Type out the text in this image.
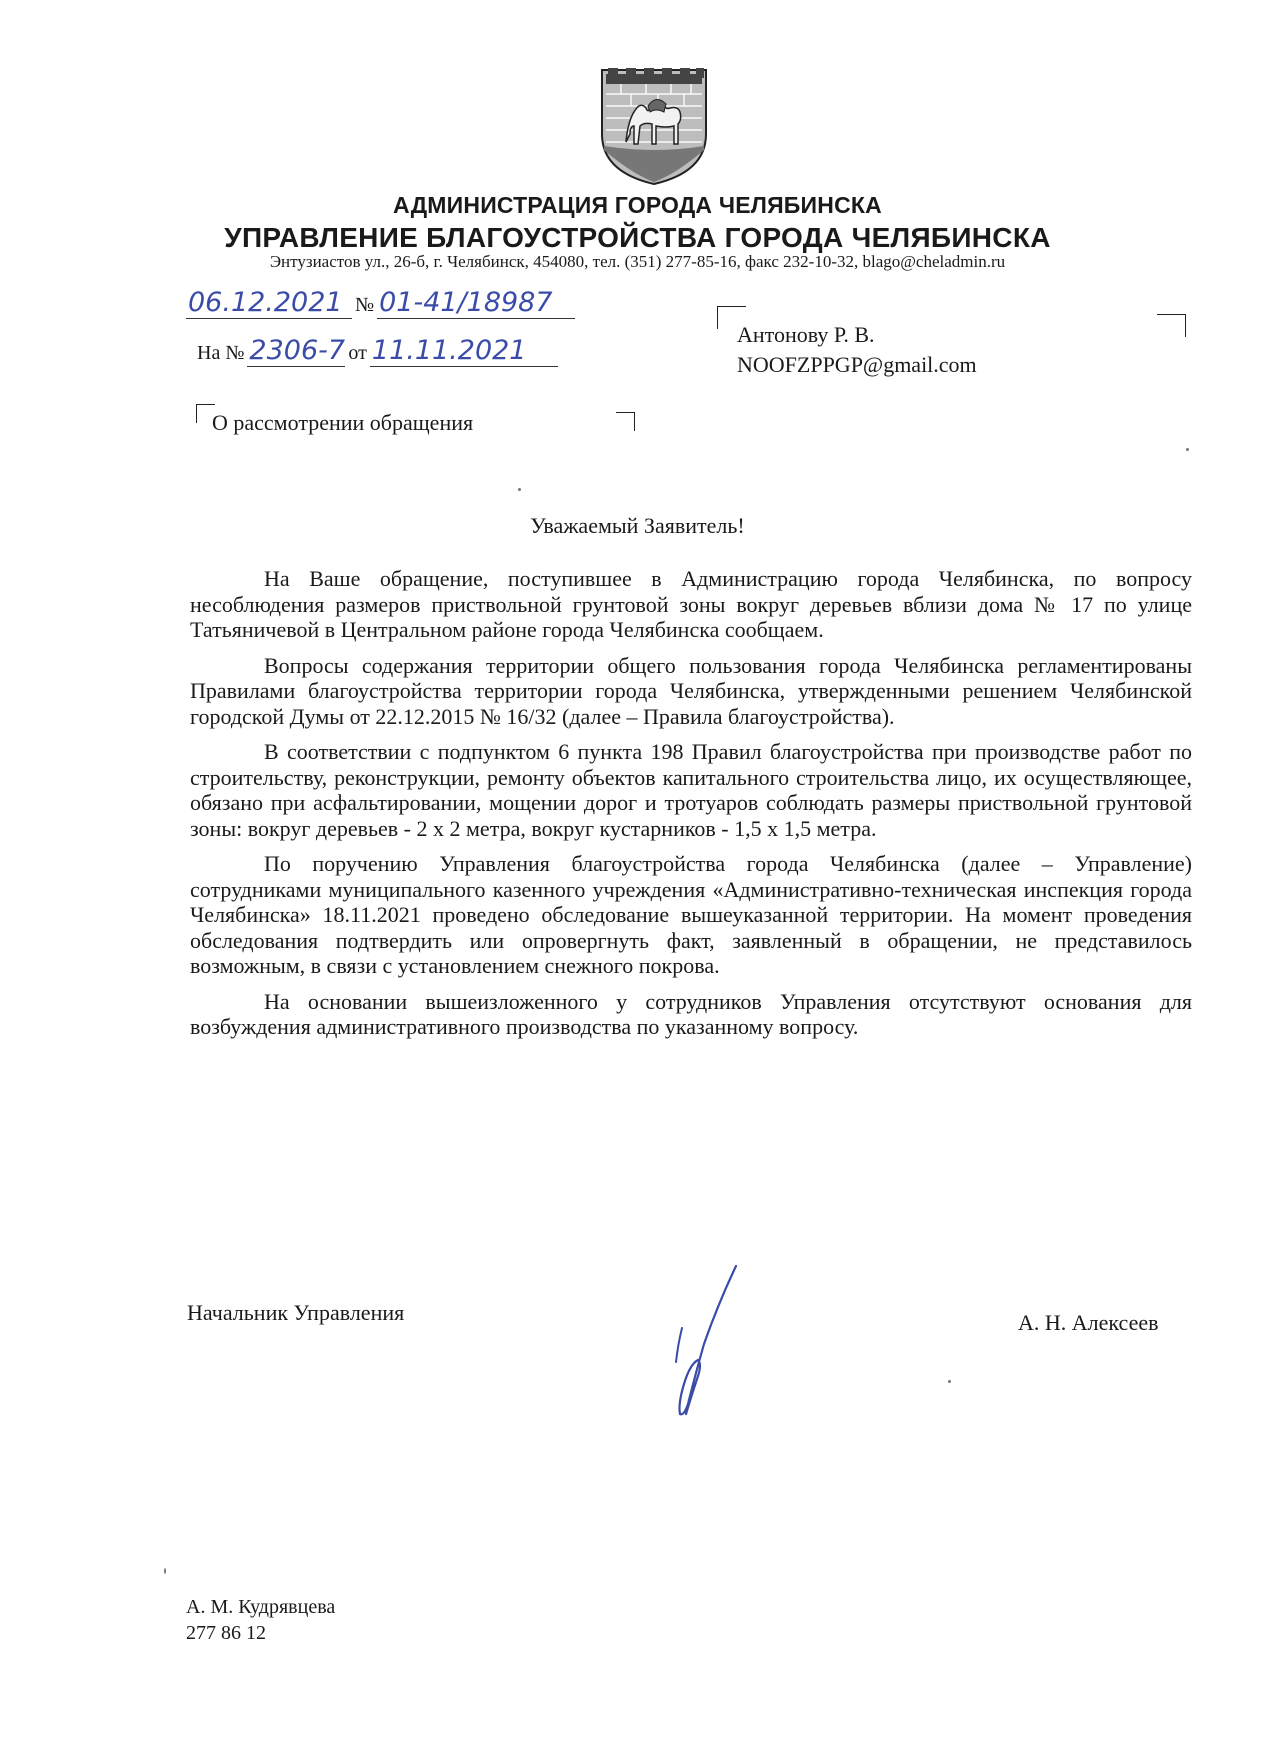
АДМИНИСТРАЦИЯ ГОРОДА ЧЕЛЯБИНСКА
УПРАВЛЕНИЕ БЛАГОУСТРОЙСТВА ГОРОДА ЧЕЛЯБИНСКА
Энтузиастов ул., 26-б, г. Челябинск, 454080, тел. (351) 277-85-16, факс 232-10-32, blago@cheladmin.ru
06.12.2021 № 01-41/18987
На № 2306-7 от 11.11.2021
Антонову Р. В.
NOOFZPPGP@gmail.com
О рассмотрении обращения
Уважаемый Заявитель!

На Ваше обращение, поступившее в Администрацию города Челябинска, по вопросу несоблюдения размеров приствольной грунтовой зоны вокруг деревьев вблизи дома № 17 по улице Татьяничевой в Центральном районе города Челябинска сообщаем.

Вопросы содержания территории общего пользования города Челябинска регламентированы Правилами благоустройства территории города Челябинска, утвержденными решением Челябинской городской Думы от 22.12.2015 № 16/32 (далее – Правила благоустройства).

В соответствии с подпунктом 6 пункта 198 Правил благоустройства при производстве работ по строительству, реконструкции, ремонту объектов капитального строительства лицо, их осуществляющее, обязано при асфальтировании, мощении дорог и тротуаров соблюдать размеры приствольной грунтовой зоны: вокруг деревьев - 2 х 2 метра, вокруг кустарников - 1,5 х 1,5 метра.

По поручению Управления благоустройства города Челябинска (далее – Управление) сотрудниками муниципального казенного учреждения «Административно-техническая инспекция города Челябинска» 18.11.2021 проведено обследование вышеуказанной территории. На момент проведения обследования подтвердить или опровергнуть факт, заявленный в обращении, не представилось возможным, в связи с установлением снежного покрова.

На основании вышеизложенного у сотрудников Управления отсутствуют основания для возбуждения административного производства по указанному вопросу.

Начальник Управления	А. Н. Алексеев
А. М. Кудрявцева
277 86 12
